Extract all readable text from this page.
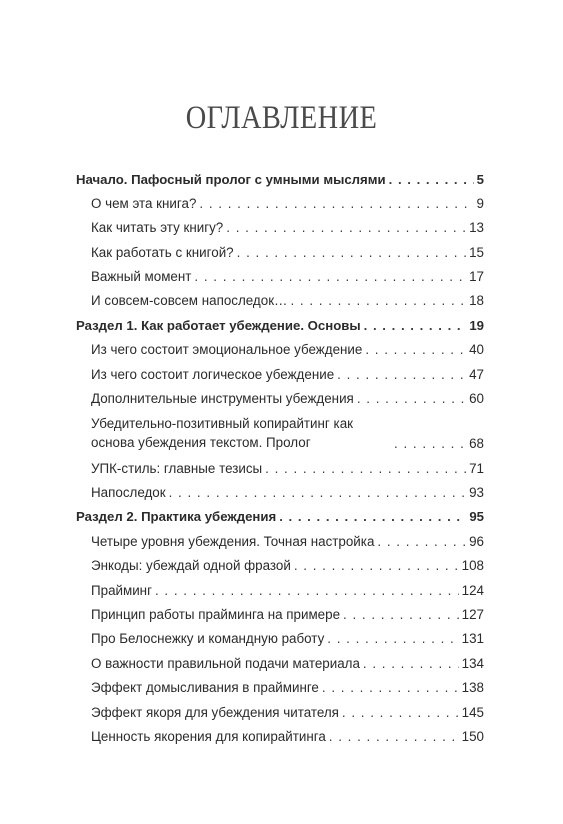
ОГЛАВЛЕНИЕ
Начало. Пафосный пролог с умными мыслями . . .	5
О чем эта книга? . . .	9
Как читать эту книгу? . . .	13
Как работать с книгой? . . .	15
Важный момент . . .	17
И совсем-совсем напоследок… . . .	18
Раздел 1. Как работает убеждение. Основы . . .	19
Из чего состоит эмоциональное убеждение . . .	40
Из чего состоит логическое убеждение . . .	47
Дополнительные инструменты убеждения . . .	60
Убедительно-позитивный копирайтинг как основа убеждения текстом. Пролог . . .	68
УПК-стиль: главные тезисы . . .	71
Напоследок . . .	93
Раздел 2. Практика убеждения . . .	95
Четыре уровня убеждения. Точная настройка . . .	96
Энкоды: убеждай одной фразой . . .	108
Прайминг . . .	124
Принцип работы прайминга на примере . . .	127
Про Белоснежку и командную работу . . .	131
О важности правильной подачи материала . . .	134
Эффект домысливания в прайминге . . .	138
Эффект якоря для убеждения читателя . . .	145
Ценность якорения для копирайтинга . . .	150
